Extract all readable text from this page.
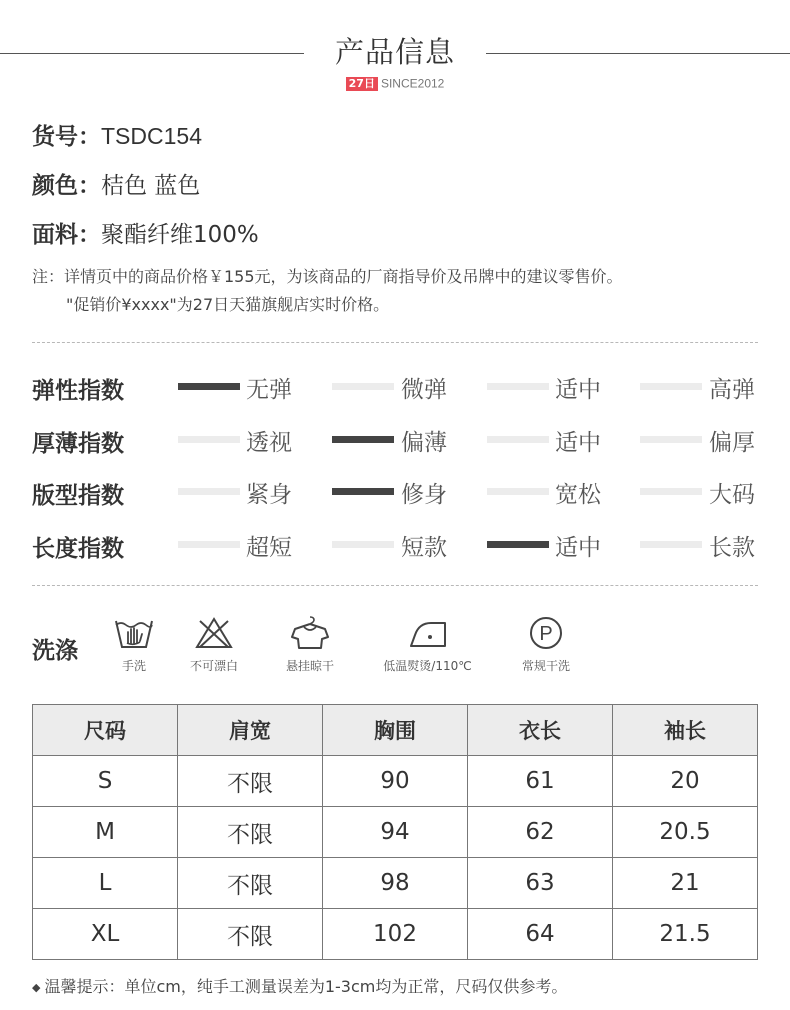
产品信息
27日 SINCE2012
货号：TSDC154
颜色：桔色 蓝色
面料：聚酯纤维100%
注：详情页中的商品价格￥155元，为该商品的厂商指导价及吊牌中的建议零售价。
"促销价¥xxxx"为27日天猫旗舰店实时价格。
弹性指数	无弹	微弹	适中	高弹
厚薄指数	透视	偏薄	适中	偏厚
版型指数	紧身	修身	宽松	大码
长度指数	超短	短款	适中	长款
洗涤
手洗	不可漂白	悬挂晾干	低温熨烫/110℃
P
常规干洗
尺码	肩宽	胸围	衣长	袖长
S	不限	90	61	20
M	不限	94	62	20.5
L	不限	98	63	21
XL	不限	102	64	21.5
◆ 温馨提示：单位cm，纯手工测量误差为1-3cm均为正常，尺码仅供参考。
